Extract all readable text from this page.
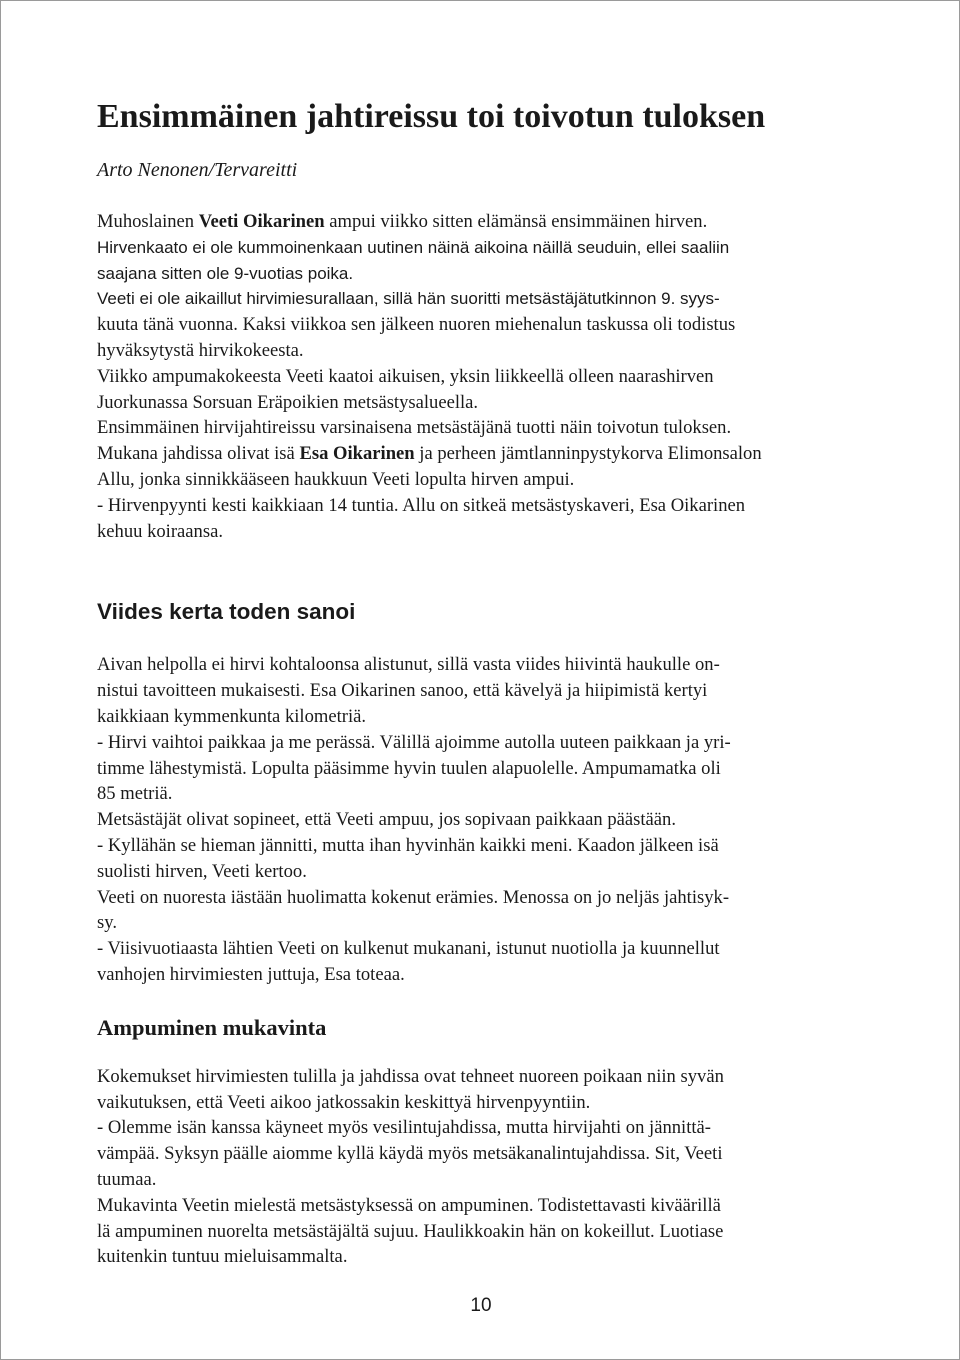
Ensimmäinen jahtireissu toi toivotun tuloksen
Arto Nenonen/Tervareitti
Muhoslainen Veeti Oikarinen ampui viikko sitten elämänsä ensimmäinen hirven.
Hirvenkaato ei ole kummoinenkaan uutinen näinä aikoina näillä seuduin, ellei saaliin
saajana sitten ole 9-vuotias poika.
Veeti ei ole aikaillut hirvimiesurallaan, sillä hän suoritti metsästäjätutkinnon 9. syys-
kuuta tänä vuonna. Kaksi viikkoa sen jälkeen nuoren miehenalun taskussa oli todistus
hyväksytystä hirvikokeesta.
Viikko ampumakokeesta Veeti kaatoi aikuisen, yksin liikkeellä olleen naarashirven
Juorkunassa Sorsuan Eräpoikien metsästysalueella.
Ensimmäinen hirvijahtireissu varsinaisena metsästäjänä tuotti näin toivotun tuloksen.
Mukana jahdissa olivat isä Esa Oikarinen ja perheen jämtlanninpystykorva Elimonsalon
Allu, jonka sinnikkääseen haukkuun Veeti lopulta hirven ampui.
- Hirvenpyynti kesti kaikkiaan 14 tuntia. Allu on sitkeä metsästyskaveri, Esa Oikarinen
kehuu koiraansa.
Viides kerta toden sanoi
Aivan helpolla ei hirvi kohtaloonsa alistunut, sillä vasta viides hiivintä haukulle on-
nistui tavoitteen mukaisesti. Esa Oikarinen sanoo, että kävelyä ja hiipimistä kertyi
kaikkiaan kymmenkunta kilometriä.
- Hirvi vaihtoi paikkaa ja me perässä. Välillä ajoimme autolla uuteen paikkaan ja yri-
timme lähestymistä. Lopulta pääsimme hyvin tuulen alapuolelle. Ampumamatka oli
85 metriä.
Metsästäjät olivat sopineet, että Veeti ampuu, jos sopivaan paikkaan päästään.
- Kyllähän se hieman jännitti, mutta ihan hyvinhän kaikki meni. Kaadon jälkeen isä
suolisti hirven, Veeti kertoo.
Veeti on nuoresta iästään huolimatta kokenut erämies. Menossa on jo neljäs jahtisyk-
sy.
- Viisivuotiaasta lähtien Veeti on kulkenut mukanani, istunut nuotiolla ja kuunnellut
vanhojen hirvimiesten juttuja, Esa toteaa.
Ampuminen mukavinta
Kokemukset hirvimiesten tulilla ja jahdissa ovat tehneet nuoreen poikaan niin syvän
vaikutuksen, että Veeti aikoo jatkossakin keskittyä hirvenpyyntiin.
- Olemme isän kanssa käyneet myös vesilintujahdissa, mutta hirvijahti on jännittä-
vämpää. Syksyn päälle aiomme kyllä käydä myös metsäkanalintujahdissa. Sit, Veeti
tuumaa.
Mukavinta Veetin mielestä metsästyksessä on ampuminen. Todistettavasti kiväärillä
lä ampuminen nuorelta metsästäjältä sujuu. Haulikkoakin hän on kokeillut. Luotiase
kuitenkin tuntuu mieluisammalta.
10
